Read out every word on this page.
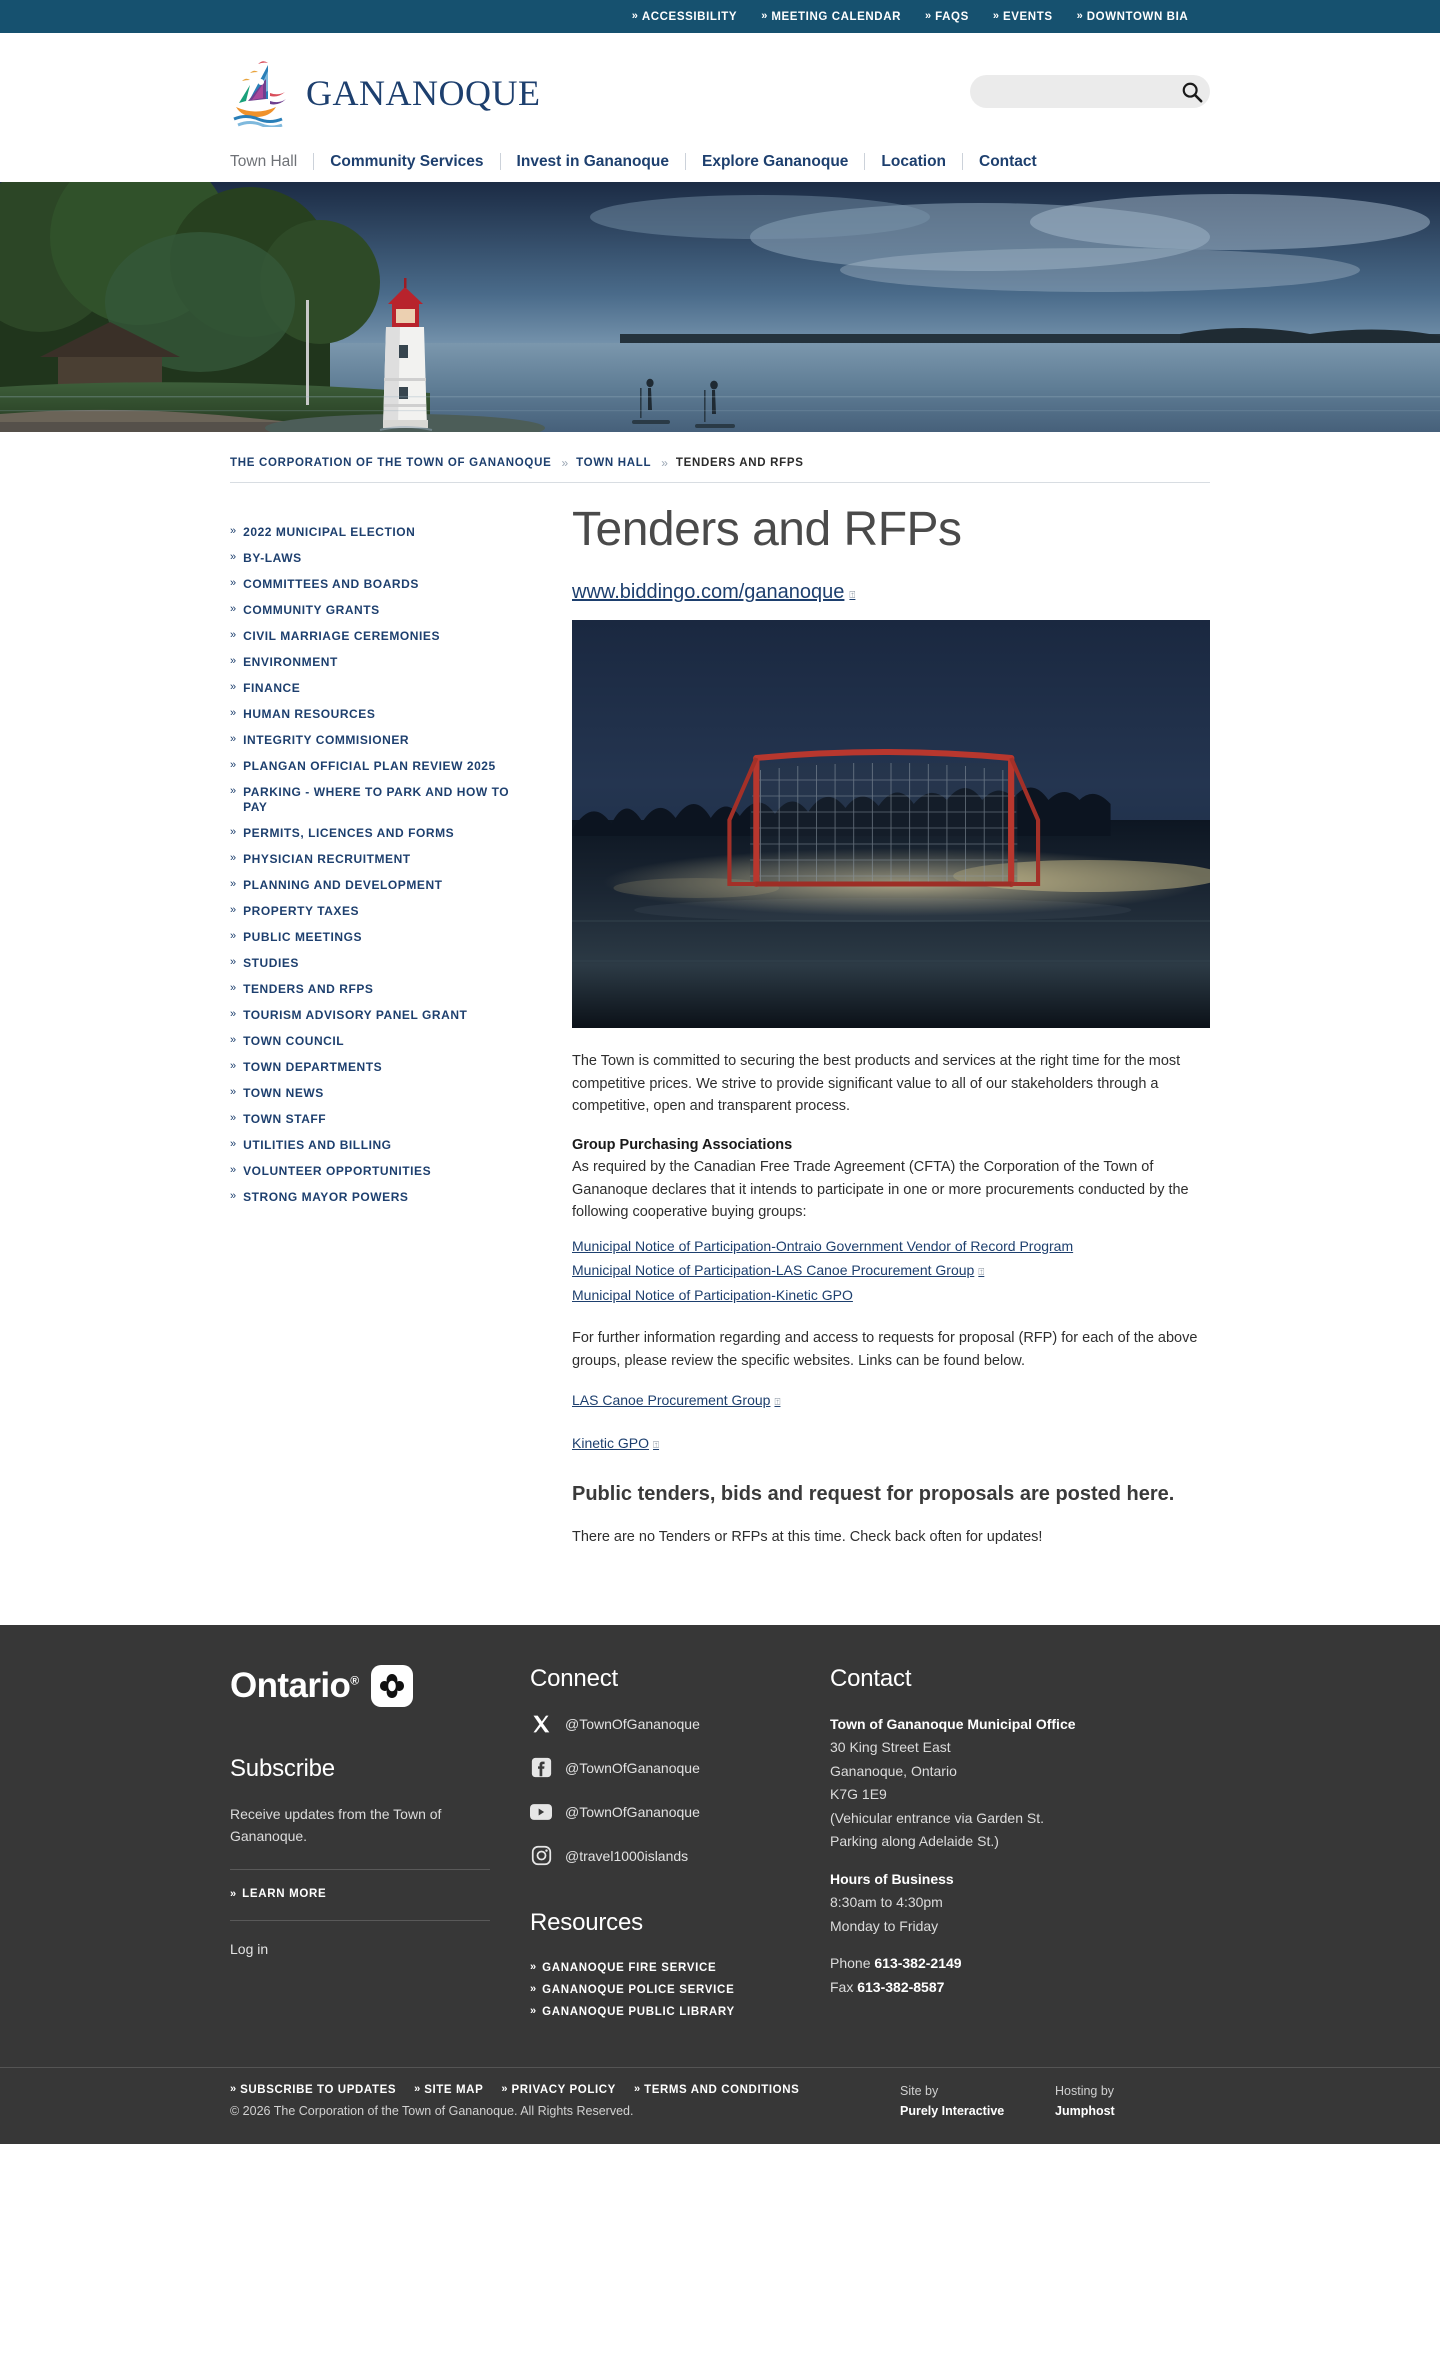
» ACCESSIBILITY » MEETING CALENDAR » FAQS » EVENTS » DOWNTOWN BIA
gananoque
Town Hall	Community Services	Invest in Gananoque	Explore Gananoque	Location	Contact
THE CORPORATION OF THE TOWN OF GANANOQUE » TOWN HALL » TENDERS AND RFPS
» 2022 MUNICIPAL ELECTION
» BY-LAWS
» COMMITTEES AND BOARDS
» COMMUNITY GRANTS
» CIVIL MARRIAGE CEREMONIES
» ENVIRONMENT
» FINANCE
» HUMAN RESOURCES
» INTEGRITY COMMISIONER
» PLANGAN OFFICIAL PLAN REVIEW 2025
» PARKING - WHERE TO PARK AND HOW TO PAY
» PERMITS, LICENCES AND FORMS
» PHYSICIAN RECRUITMENT
» PLANNING AND DEVELOPMENT
» PROPERTY TAXES
» PUBLIC MEETINGS
» STUDIES
» TENDERS AND RFPS
» TOURISM ADVISORY PANEL GRANT
» TOWN COUNCIL
» TOWN DEPARTMENTS
» TOWN NEWS
» TOWN STAFF
» UTILITIES AND BILLING
» VOLUNTEER OPPORTUNITIES
» STRONG MAYOR POWERS
Tenders and RFPs
www.biddingo.com/gananoque ⍐

The Town is committed to securing the best products and services at the right time for the most competitive prices. We strive to provide significant value to all of our stakeholders through a competitive, open and transparent process.

Group Purchasing Associations
As required by the Canadian Free Trade Agreement (CFTA) the Corporation of the Town of Gananoque declares that it intends to participate in one or more procurements conducted by the following cooperative buying groups:

Municipal Notice of Participation-Ontraio Government Vendor of Record Program
Municipal Notice of Participation-LAS Canoe Procurement Group ⍐
Municipal Notice of Participation-Kinetic GPO

For further information regarding and access to requests for proposal (RFP) for each of the above groups, please review the specific websites. Links can be found below.

LAS Canoe Procurement Group ⍐
Kinetic GPO ⍐
Public tenders, bids and request for proposals are posted here.

There are no Tenders or RFPs at this time. Check back often for updates!

Ontario®
Subscribe
Receive updates from the Town of Gananoque.
» LEARN MORE
Log in
Connect
@TownOfGananoque
@TownOfGananoque
@TownOfGananoque
@travel1000islands
Resources
» GANANOQUE FIRE SERVICE
» GANANOQUE POLICE SERVICE
» GANANOQUE PUBLIC LIBRARY
Contact
Town of Gananoque Municipal Office
30 King Street East
Gananoque, Ontario
K7G 1E9
(Vehicular entrance via Garden St.
Parking along Adelaide St.)
Hours of Business
8:30am to 4:30pm
Monday to Friday
Phone 613-382-2149
Fax 613-382-8587
» SUBSCRIBE TO UPDATES » SITE MAP » PRIVACY POLICY » TERMS AND CONDITIONS
© 2026 The Corporation of the Town of Gananoque. All Rights Reserved.
Site by
Purely Interactive
Hosting by
Jumphost
